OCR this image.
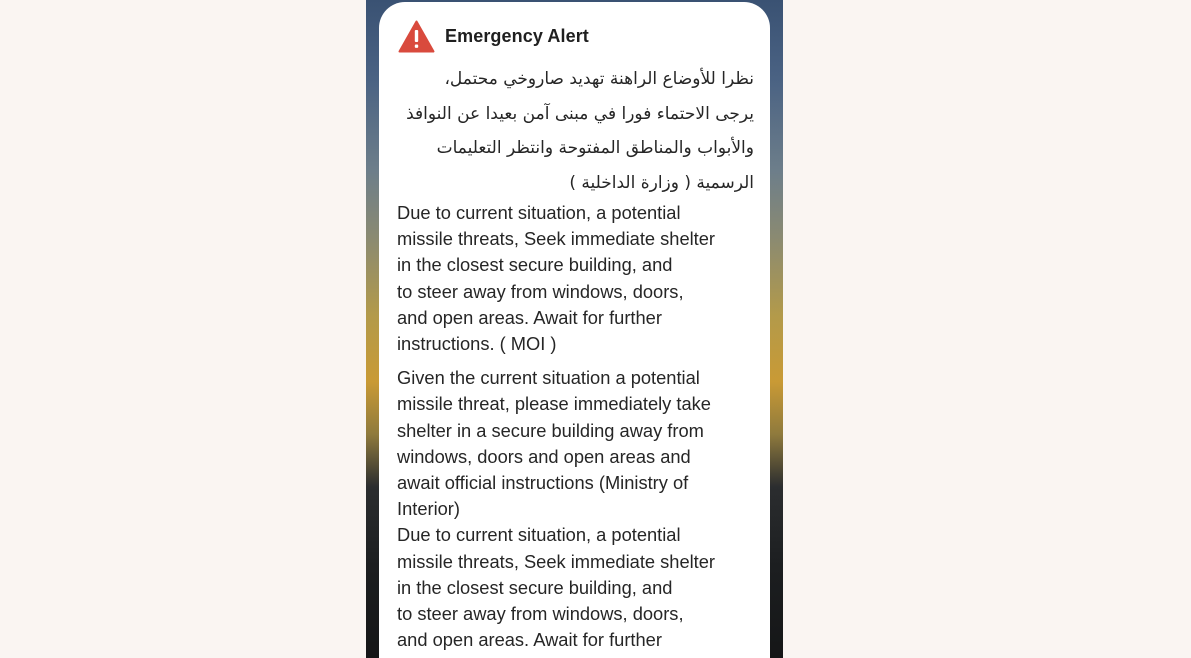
Emergency Alert
نظرا للأوضاع الراهنة تهديد صاروخي محتمل،
يرجى الاحتماء فورا في مبنى آمن بعيدا عن النوافذ
والأبواب والمناطق المفتوحة وانتظر التعليمات
الرسمية ( وزارة الداخلية )

Due to current situation, a potential
missile threats, Seek immediate shelter
in the closest secure building, and
to steer away from windows, doors,
and open areas. Await for further
instructions. ( MOI )

Given the current situation a potential
missile threat, please immediately take
shelter in a secure building away from
windows, doors and open areas and
await official instructions (Ministry of
Interior)

Due to current situation, a potential
missile threats, Seek immediate shelter
in the closest secure building, and
to steer away from windows, doors,
and open areas. Await for further
